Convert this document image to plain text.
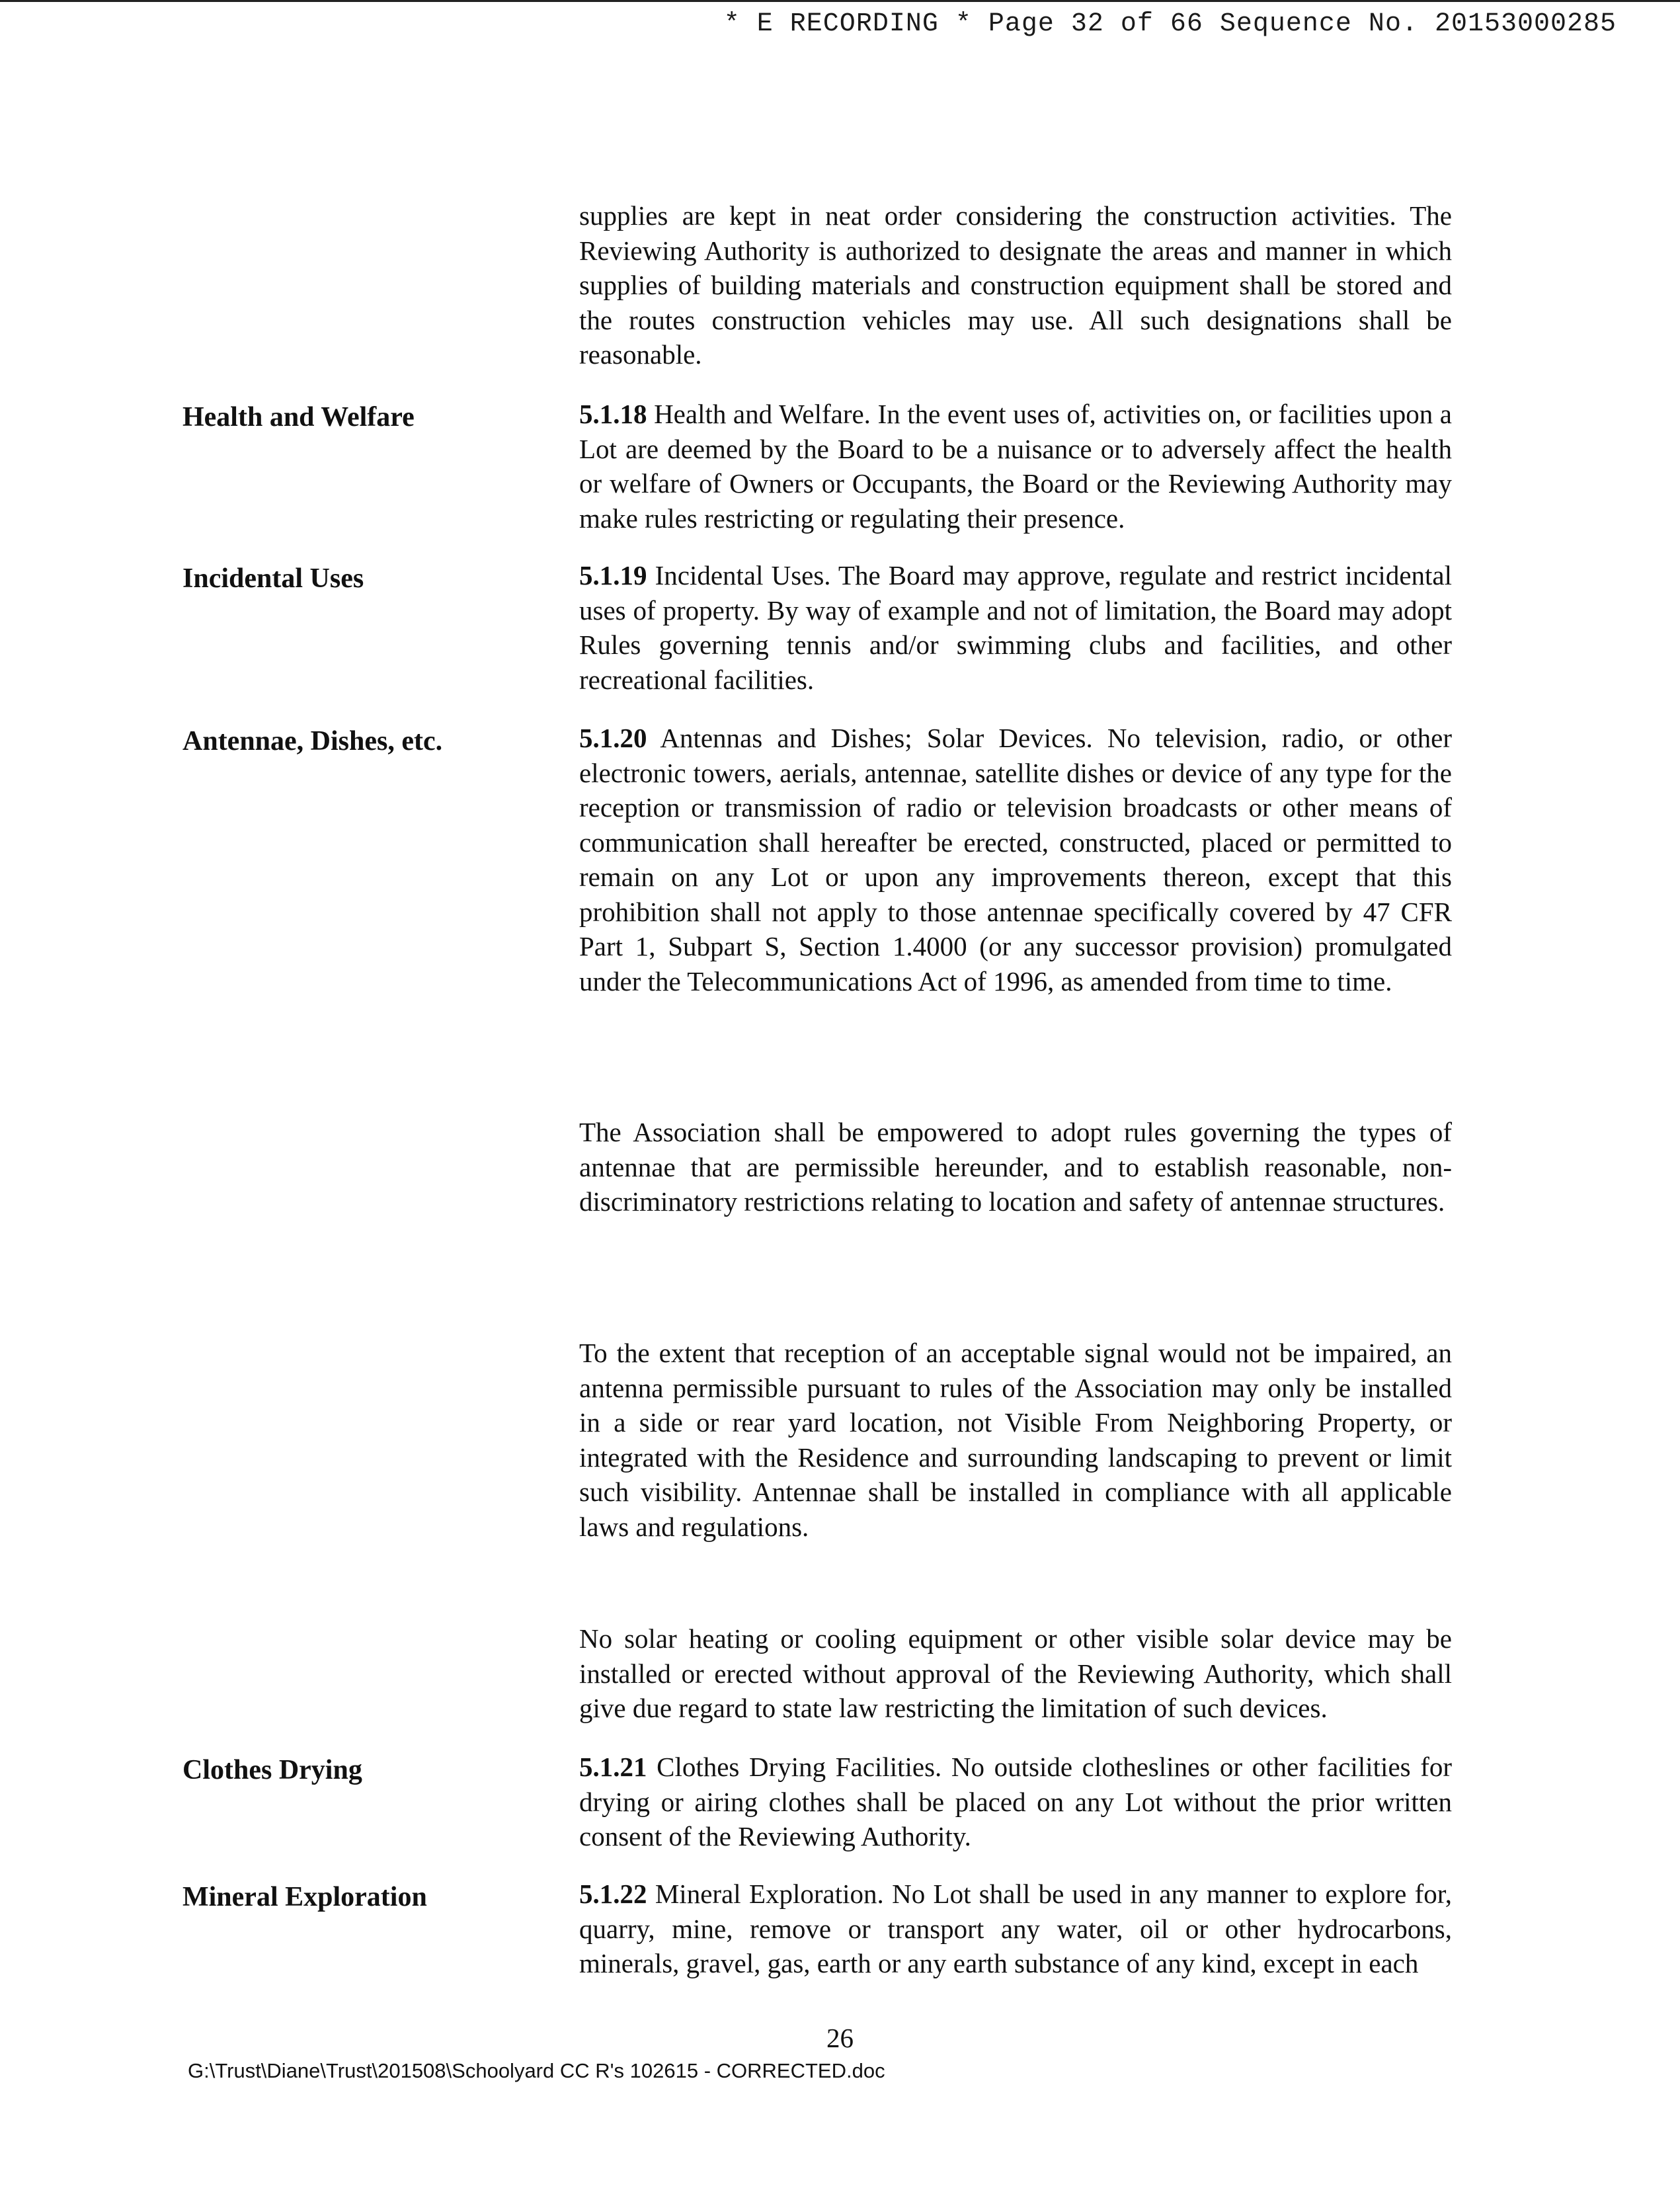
* E RECORDING * Page 32 of 66 Sequence No. 20153000285
supplies are kept in neat order considering the construction activities. The Reviewing Authority is authorized to designate the areas and manner in which supplies of building materials and construction equipment shall be stored and the routes construction vehicles may use. All such designations shall be reasonable.
Health and Welfare	5.1.18 Health and Welfare. In the event uses of, activities on, or facilities upon a Lot are deemed by the Board to be a nuisance or to adversely affect the health or welfare of Owners or Occupants, the Board or the Reviewing Authority may make rules restricting or regulating their presence.
Incidental Uses	5.1.19 Incidental Uses. The Board may approve, regulate and restrict incidental uses of property. By way of example and not of limitation, the Board may adopt Rules governing tennis and/or swimming clubs and facilities, and other recreational facilities.
Antennae, Dishes, etc.	5.1.20 Antennas and Dishes; Solar Devices. No television, radio, or other electronic towers, aerials, antennae, satellite dishes or device of any type for the reception or transmission of radio or television broadcasts or other means of communication shall hereafter be erected, constructed, placed or permitted to remain on any Lot or upon any improvements thereon, except that this prohibition shall not apply to those antennae specifically covered by 47 CFR Part 1, Subpart S, Section 1.4000 (or any successor provision) promulgated under the Telecommunications Act of 1996, as amended from time to time.
The Association shall be empowered to adopt rules governing the types of antennae that are permissible hereunder, and to establish reasonable, non-discriminatory restrictions relating to location and safety of antennae structures.
To the extent that reception of an acceptable signal would not be impaired, an antenna permissible pursuant to rules of the Association may only be installed in a side or rear yard location, not Visible From Neighboring Property, or integrated with the Residence and surrounding landscaping to prevent or limit such visibility. Antennae shall be installed in compliance with all applicable laws and regulations.
No solar heating or cooling equipment or other visible solar device may be installed or erected without approval of the Reviewing Authority, which shall give due regard to state law restricting the limitation of such devices.
Clothes Drying	5.1.21 Clothes Drying Facilities. No outside clotheslines or other facilities for drying or airing clothes shall be placed on any Lot without the prior written consent of the Reviewing Authority.
Mineral Exploration	5.1.22 Mineral Exploration. No Lot shall be used in any manner to explore for, quarry, mine, remove or transport any water, oil or other hydrocarbons, minerals, gravel, gas, earth or any earth substance of any kind, except in each
26
G:\Trust\Diane\Trust\201508\Schoolyard CC R's 102615 - CORRECTED.doc
